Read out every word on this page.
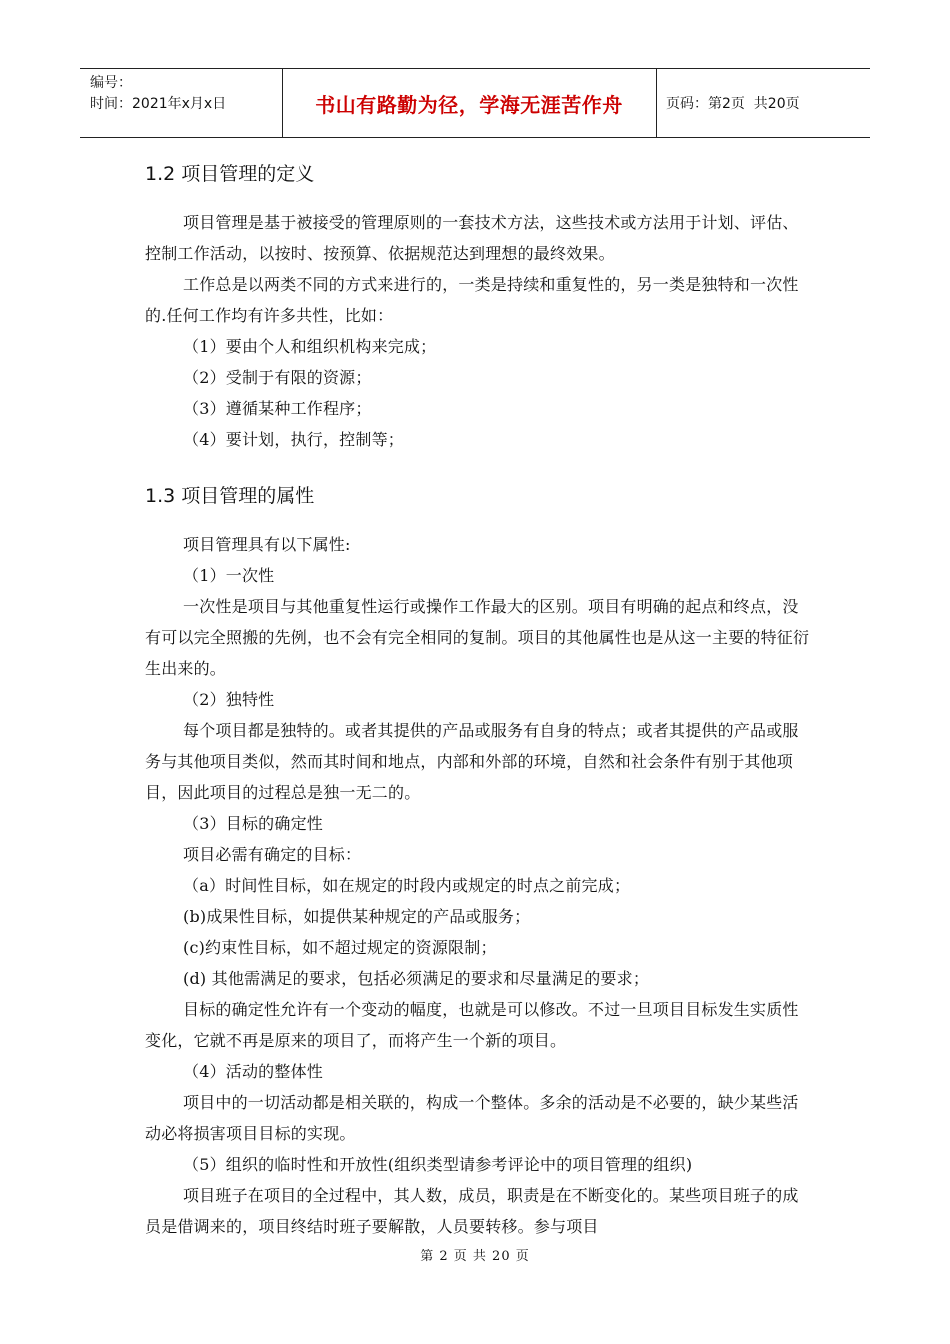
编号：
时间：2021年x月x日	书山有路勤为径，学海无涯苦作舟	页码：第2页  共20页
1.2 项目管理的定义

项目管理是基于被接受的管理原则的一套技术方法，这些技术或方法用于计划、评估、控制工作活动，以按时、按预算、依据规范达到理想的最终效果。

工作总是以两类不同的方式来进行的，一类是持续和重复性的，另一类是独特和一次性的.任何工作均有许多共性，比如：

（1）要由个人和组织机构来完成；

（2）受制于有限的资源；

（3）遵循某种工作程序；

（4）要计划，执行，控制等；

1.3 项目管理的属性

项目管理具有以下属性:

（1）一次性

一次性是项目与其他重复性运行或操作工作最大的区别。项目有明确的起点和终点，没有可以完全照搬的先例，也不会有完全相同的复制。项目的其他属性也是从这一主要的特征衍生出来的。

（2）独特性

每个项目都是独特的。或者其提供的产品或服务有自身的特点；或者其提供的产品或服务与其他项目类似，然而其时间和地点，内部和外部的环境，自然和社会条件有别于其他项目，因此项目的过程总是独一无二的。

（3）目标的确定性

项目必需有确定的目标：

（a）时间性目标，如在规定的时段内或规定的时点之前完成；

(b)成果性目标，如提供某种规定的产品或服务；

(c)约束性目标，如不超过规定的资源限制；

(d) 其他需满足的要求，包括必须满足的要求和尽量满足的要求；

目标的确定性允许有一个变动的幅度，也就是可以修改。不过一旦项目目标发生实质性变化，它就不再是原来的项目了，而将产生一个新的项目。

（4）活动的整体性

项目中的一切活动都是相关联的，构成一个整体。多余的活动是不必要的，缺少某些活动必将损害项目目标的实现。

（5）组织的临时性和开放性(组织类型请参考评论中的项目管理的组织)

项目班子在项目的全过程中，其人数，成员，职责是在不断变化的。某些项目班子的成员是借调来的，项目终结时班子要解散，人员要转移。参与项目

第 2 页 共 20 页
